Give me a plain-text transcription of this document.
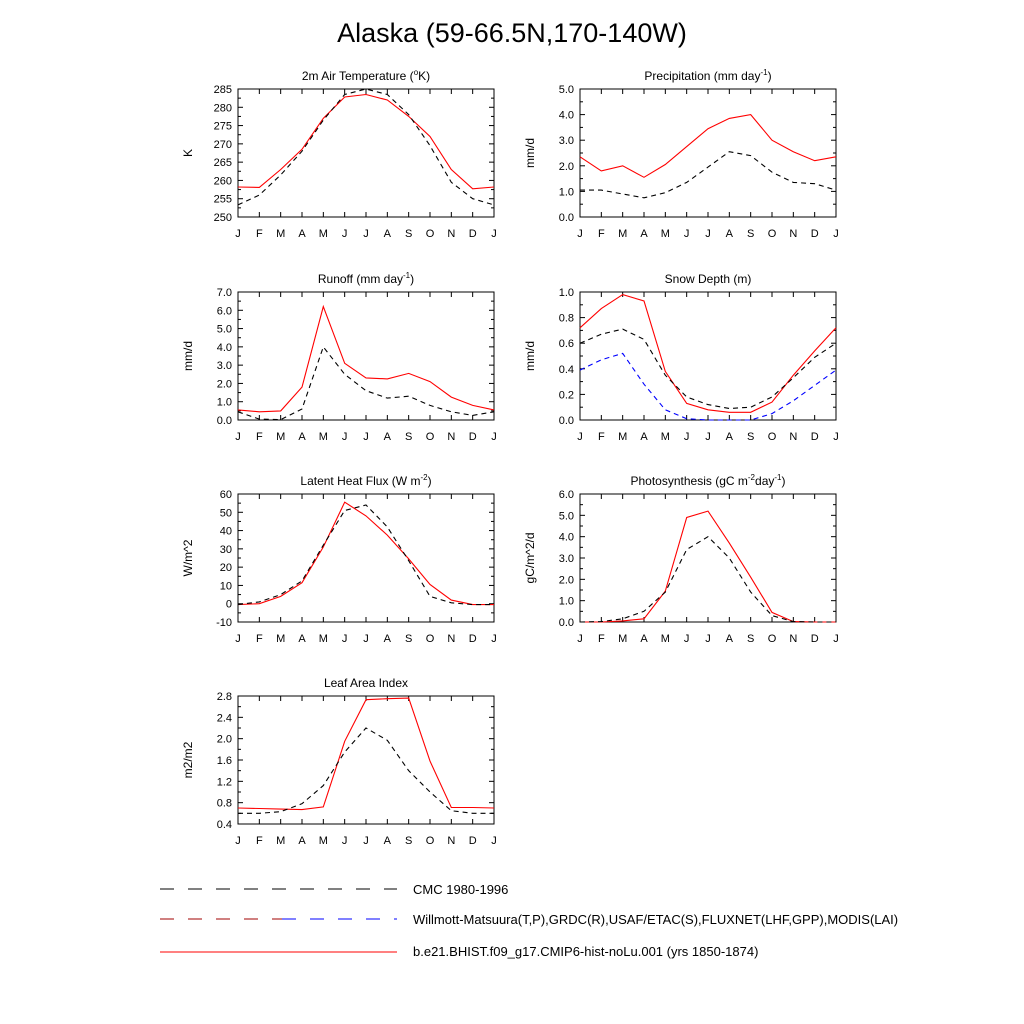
Alaska (59-66.5N,170-140W)
J F M A M J J A S O N D J
250
255
260
265
270
275
280
285
K
2m Air Temperature ($^o$K)
J F M A M J J A S O N D J
0.0
1.0
2.0
3.0
4.0
5.0
mm/d
Precipitation (mm day$^{-1}$)
J F M A M J J A S O N D J
0.0
1.0
2.0
3.0
4.0
5.0
6.0
7.0
mm/d
Runoff (mm day$^{-1}$)
J F M A M J J A S O N D J
0.0
0.2
0.4
0.6
0.8
1.0
mm/d
Snow Depth (m)
J F M A M J J A S O N D J
-10
0
10
20
30
40
50
60
W/m^2
Latent Heat Flux (W $m^{-2}$)
J F M A M J J A S O N D J
0.0
1.0
2.0
3.0
4.0
5.0
6.0
gC/m^2/d
Photosynthesis (gC $m^{-2}day^{-1}$)
J F M A M J J A S O N D J
0.4
0.8
1.2
1.6
2.0
2.4
2.8
m2/m2
Leaf Area Index
CMC 1980-1996
Willmott-Matsuura(T,P),GRDC(R),USAF/ETAC(S),FLUXNET(LHF,GPP),MODIS(LAI)
b.e21.BHIST.f09_g17.CMIP6-hist-noLu.001 (yrs 1850-1874)
